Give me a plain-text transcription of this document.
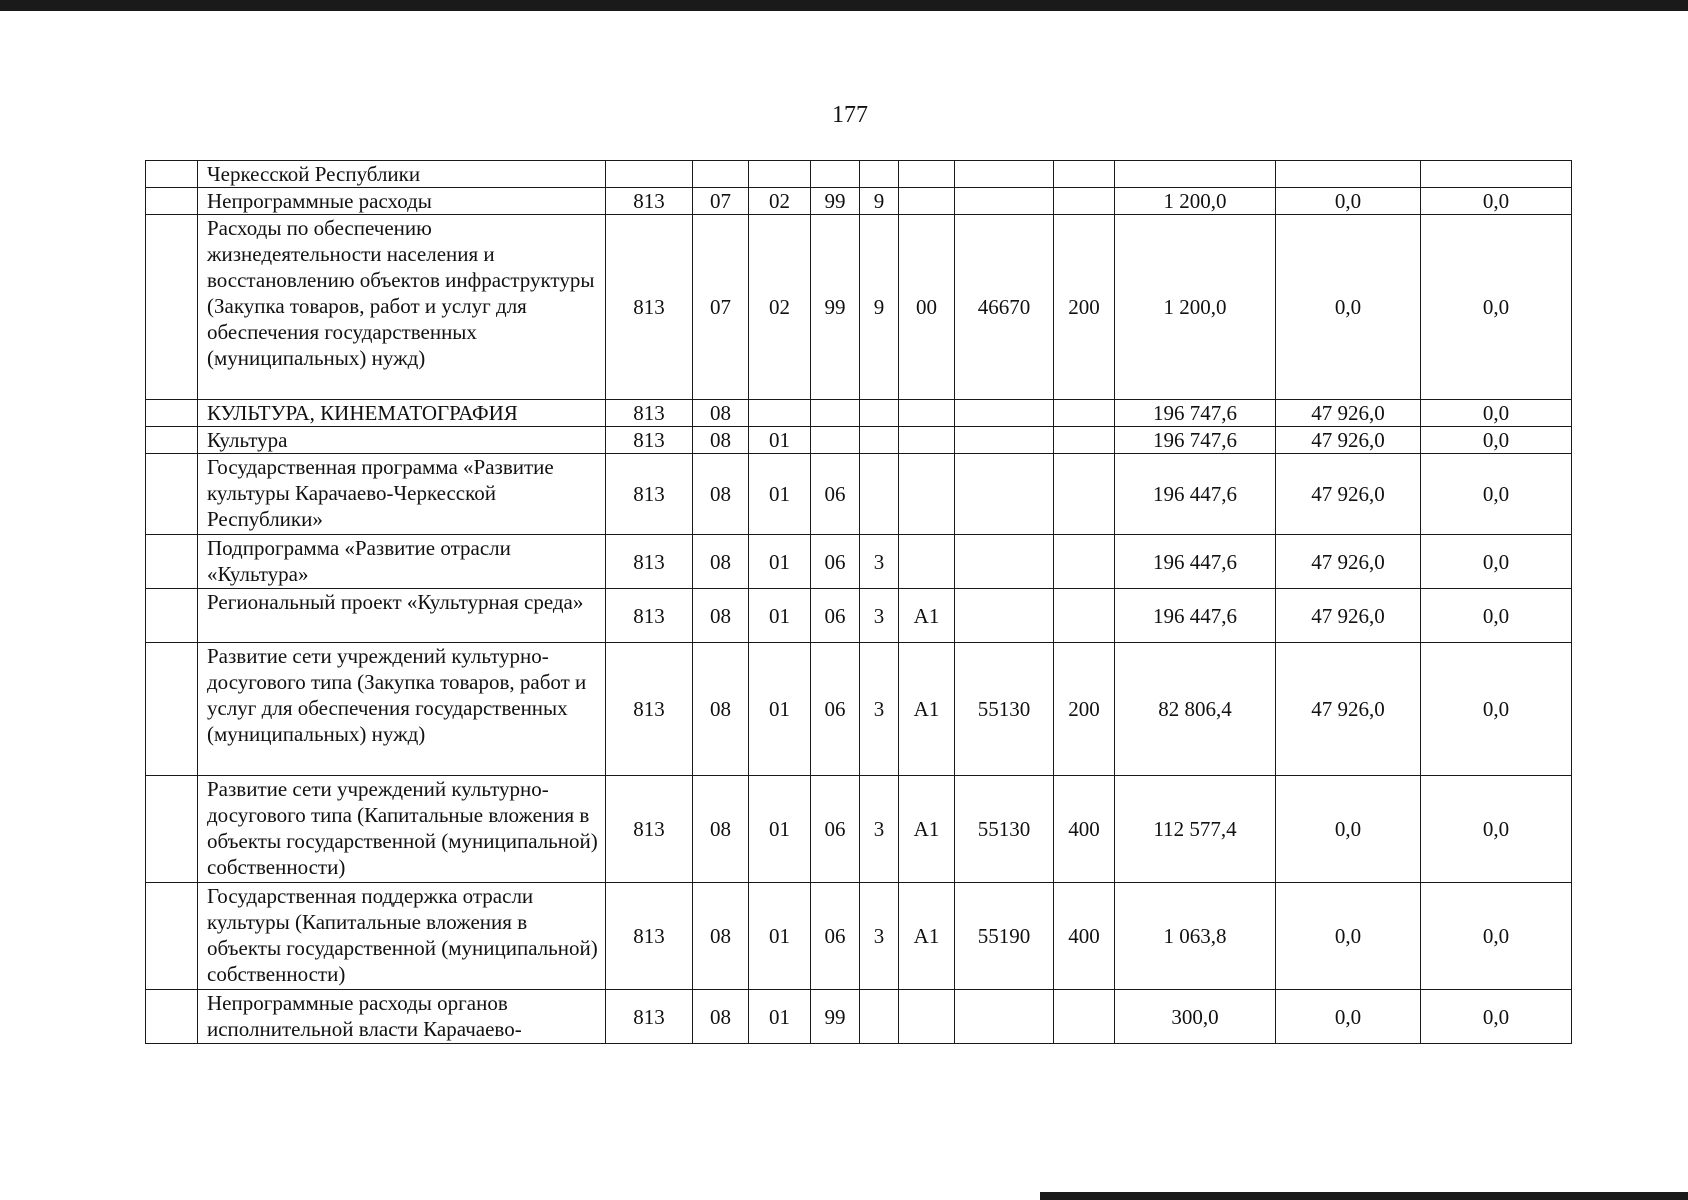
177
	Черкесской Республики											
	Непрограммные расходы	813	07	02	99	9				1 200,0	0,0	0,0
	Расходы по обеспечению жизнедеятельности населения и восстановлению объектов инфраструктуры (Закупка товаров, работ и услуг для обеспечения государственных (муниципальных) нужд)	813	07	02	99	9	00	46670	200	1 200,0	0,0	0,0
	КУЛЬТУРА, КИНЕМАТОГРАФИЯ	813	08							196 747,6	47 926,0	0,0
	Культура	813	08	01						196 747,6	47 926,0	0,0
	Государственная программа «Развитие культуры Карачаево-Черкесской Республики»	813	08	01	06					196 447,6	47 926,0	0,0
	Подпрограмма «Развитие отрасли «Культура»	813	08	01	06	3				196 447,6	47 926,0	0,0
	Региональный проект «Культурная среда»	813	08	01	06	3	A1			196 447,6	47 926,0	0,0
	Развитие сети учреждений культурно-досугового типа (Закупка товаров, работ и услуг для обеспечения государственных (муниципальных) нужд)	813	08	01	06	3	A1	55130	200	82 806,4	47 926,0	0,0
	Развитие сети учреждений культурно-досугового типа (Капитальные вложения в объекты государственной (муниципальной) собственности)	813	08	01	06	3	A1	55130	400	112 577,4	0,0	0,0
	Государственная поддержка отрасли культуры (Капитальные вложения в объекты государственной (муниципальной) собственности)	813	08	01	06	3	A1	55190	400	1 063,8	0,0	0,0
	Непрограммные расходы органов исполнительной власти Карачаево-	813	08	01	99					300,0	0,0	0,0
